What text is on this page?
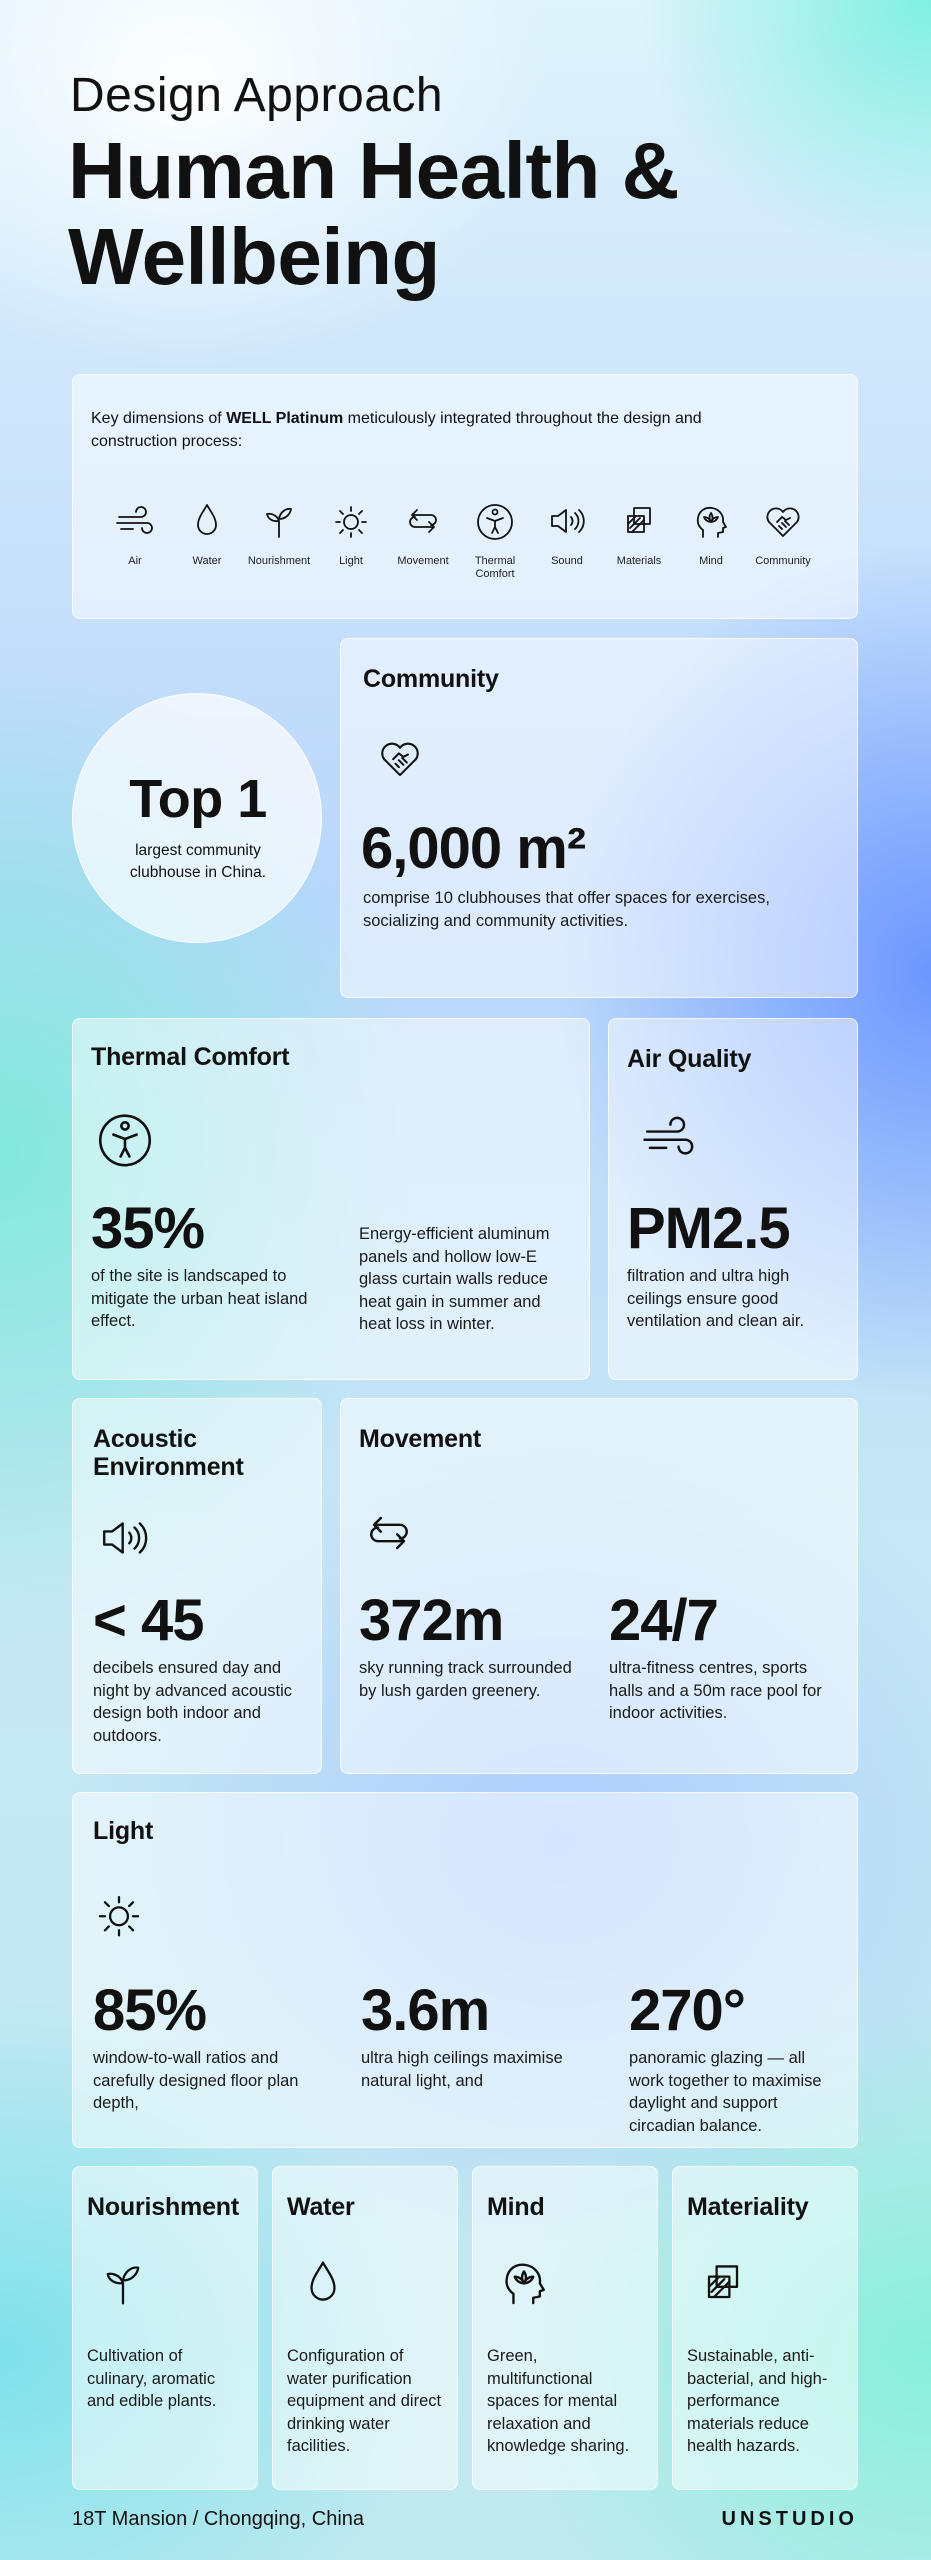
Design Approach
Human Health &
Wellbeing
Key dimensions of WELL Platinum meticulously integrated throughout the design and construction process:
Air	Water	Nourishment	Light	Movement	Thermal Comfort
Sound	Materials	Mind	Community
Top 1
largest community clubhouse in China.
Community
6,000 m²
comprise 10 clubhouses that offer spaces for exercises, socializing and community activities.
Thermal Comfort
35%
of the site is landscaped to mitigate the urban heat island effect.
Energy-efficient aluminum panels and hollow low-E glass curtain walls reduce heat gain in summer and heat loss in winter.
Air Quality
PM2.5
filtration and ultra high ceilings ensure good ventilation and clean air.
Acoustic
Environment
< 45
decibels ensured day and night by advanced acoustic design both indoor and outdoors.
Movement
372m
sky running track surrounded by lush garden greenery.
24/7
ultra-fitness centres, sports halls and a 50m race pool for indoor activities.
Light
85%
window-to-wall ratios and carefully designed floor plan depth,
3.6m
ultra high ceilings maximise natural light, and
270°
panoramic glazing — all work together to maximise daylight and support circadian balance.
Nourishment
Cultivation of culinary, aromatic and edible plants.
Water
Configuration of water purification equipment and direct drinking water facilities.
Mind
Green, multifunctional spaces for mental relaxation and knowledge sharing.
Materiality
Sustainable, anti-bacterial, and high-performance materials reduce health hazards.
18T Mansion / Chongqing, China	UNSTUDIO
